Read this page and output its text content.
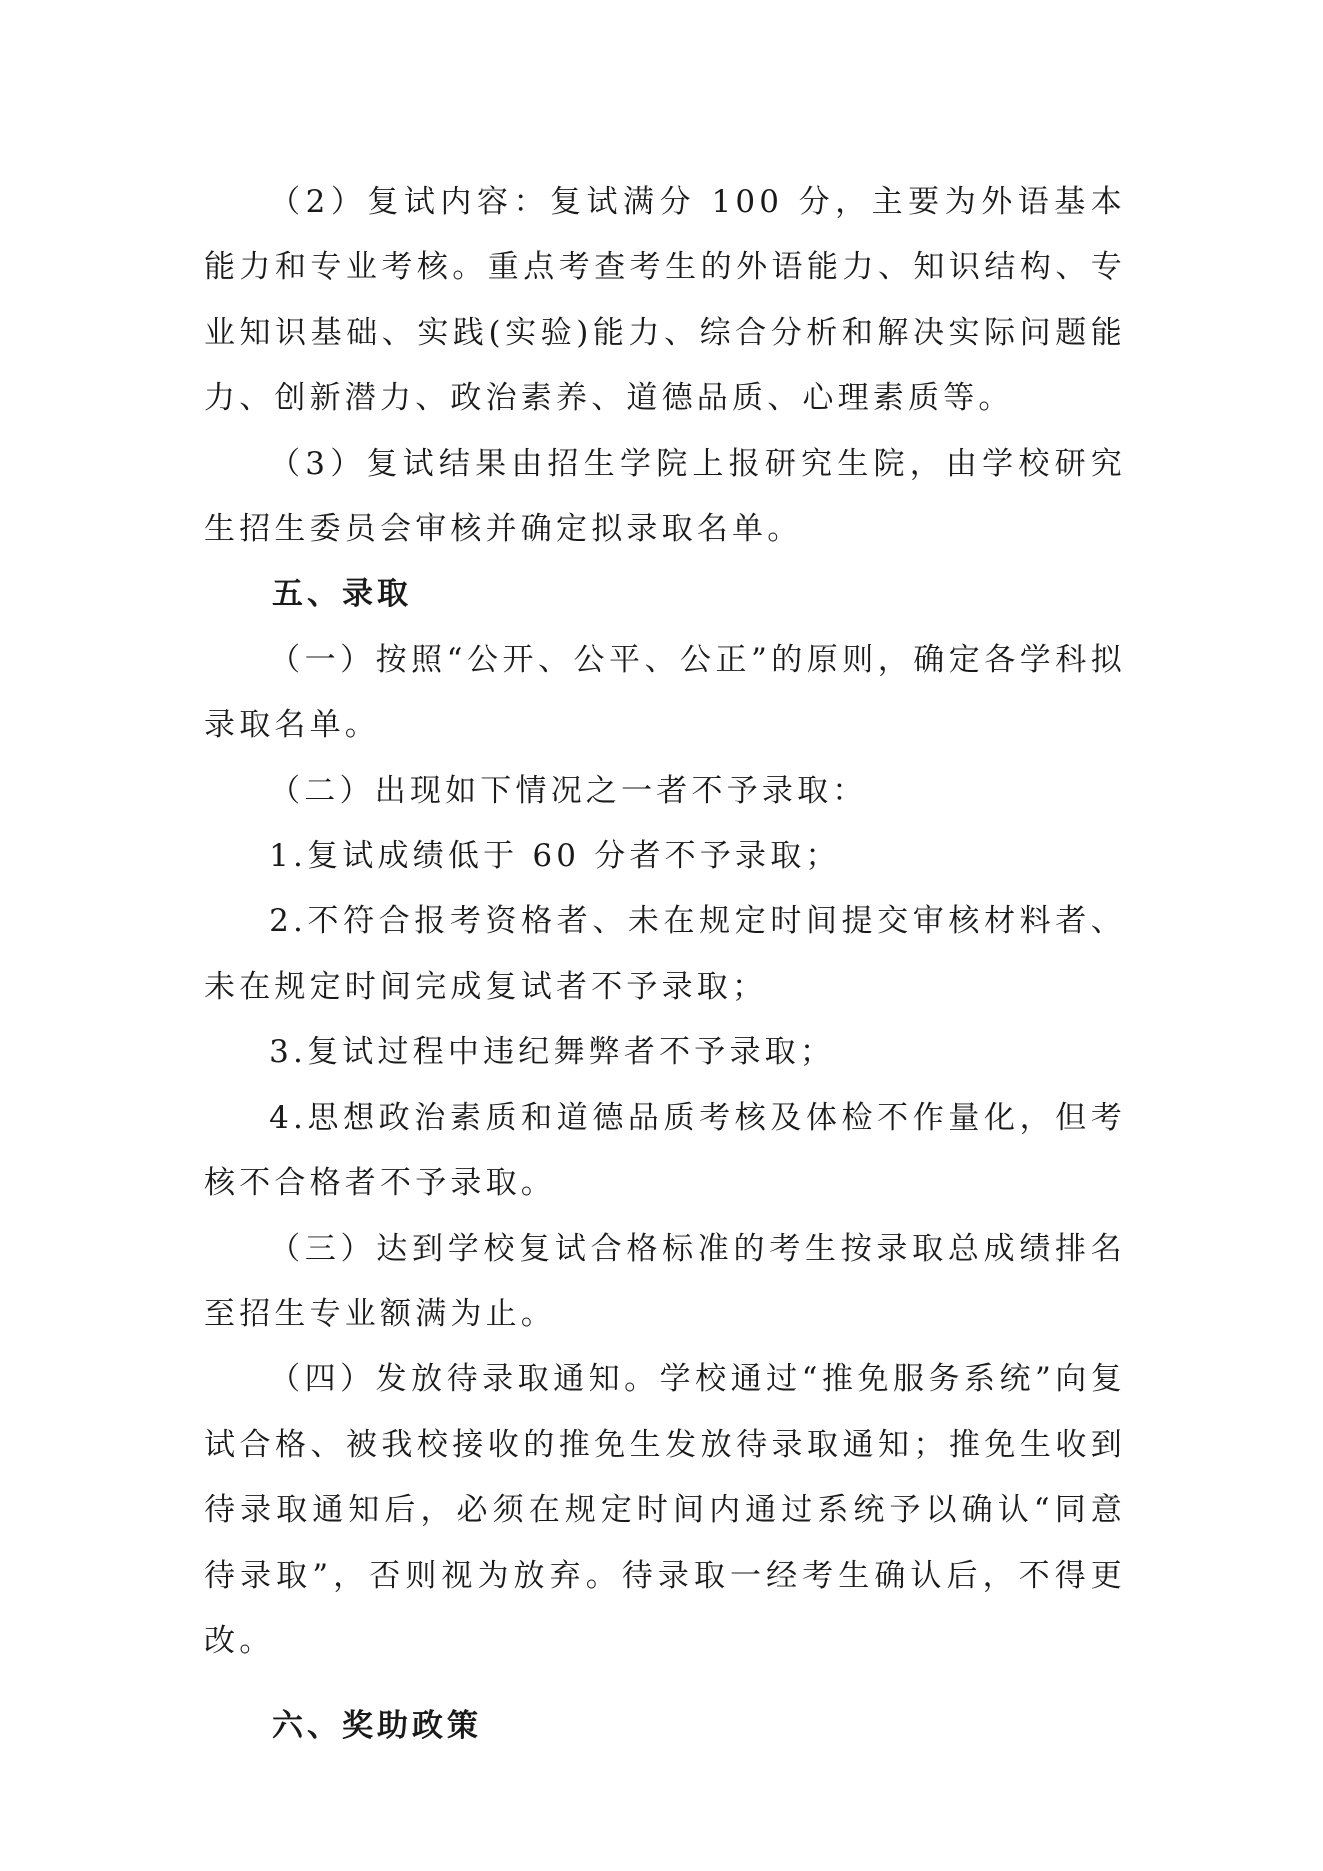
（2）复试内容：复试满分 100 分，主要为外语基本能力和专业考核。重点考查考生的外语能力、知识结构、专业知识基础、实践(实验)能力、综合分析和解决实际问题能力、创新潜力、政治素养、道德品质、心理素质等。

（3）复试结果由招生学院上报研究生院，由学校研究生招生委员会审核并确定拟录取名单。

五、录取

（一）按照“公开、公平、公正”的原则，确定各学科拟录取名单。

（二）出现如下情况之一者不予录取：

1.复试成绩低于 60 分者不予录取；

2.不符合报考资格者、未在规定时间提交审核材料者、未在规定时间完成复试者不予录取；

3.复试过程中违纪舞弊者不予录取；

4.思想政治素质和道德品质考核及体检不作量化，但考核不合格者不予录取。

（三）达到学校复试合格标准的考生按录取总成绩排名至招生专业额满为止。

（四）发放待录取通知。学校通过“推免服务系统”向复试合格、被我校接收的推免生发放待录取通知；推免生收到待录取通知后，必须在规定时间内通过系统予以确认“同意待录取”，否则视为放弃。待录取一经考生确认后，不得更改。

六、奖助政策
